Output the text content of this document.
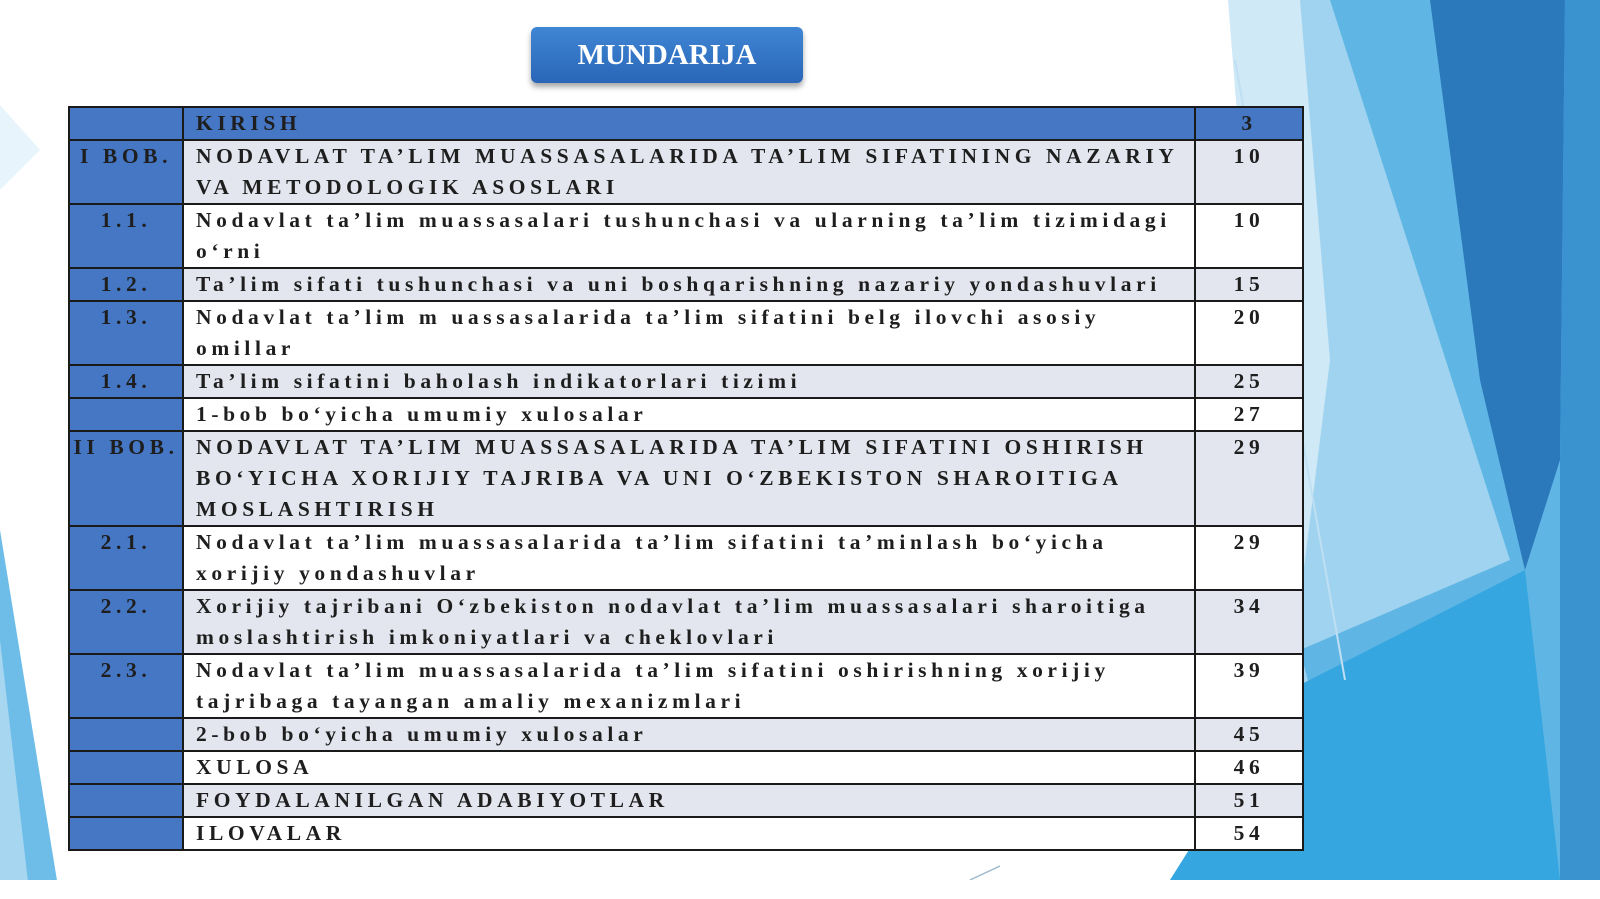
MUNDARIJA
	KIRISH	3
I BOB.	NODAVLAT TA’LIM MUASSASALARIDA TA’LIM SIFATINING NAZARIY VA METODOLOGIK ASOSLARI	10
1.1.	Nodavlat ta’lim muassasalari tushunchasi va ularning ta’lim tizimidagi o‘rni	10
1.2.	Ta’lim sifati tushunchasi va uni boshqarishning nazariy yondashuvlari	15
1.3.	Nodavlat ta’lim m uassasalarida ta’lim sifatini belg ilovchi asosiy omillar	20
1.4.	Ta’lim sifatini baholash indikatorlari tizimi	25
	1-bob bo‘yicha umumiy xulosalar	27
II BOB.	NODAVLAT TA’LIM MUASSASALARIDA TA’LIM SIFATINI OSHIRISH BO‘YICHA XORIJIY TAJRIBA VA UNI O‘ZBEKISTON SHAROITIGA MOSLASHTIRISH	29
2.1.	Nodavlat ta’lim muassasalarida ta’lim sifatini ta’minlash bo‘yicha xorijiy yondashuvlar	29
2.2.	Xorijiy tajribani O‘zbekiston nodavlat ta’lim muassasalari sharoitiga moslashtirish imkoniyatlari va cheklovlari	34
2.3.	Nodavlat ta’lim muassasalarida ta’lim sifatini oshirishning xorijiy tajribaga tayangan amaliy mexanizmlari	39
	2-bob bo‘yicha umumiy xulosalar	45
	XULOSA	46
	FOYDALANILGAN ADABIYOTLAR	51
	ILOVALAR	54
